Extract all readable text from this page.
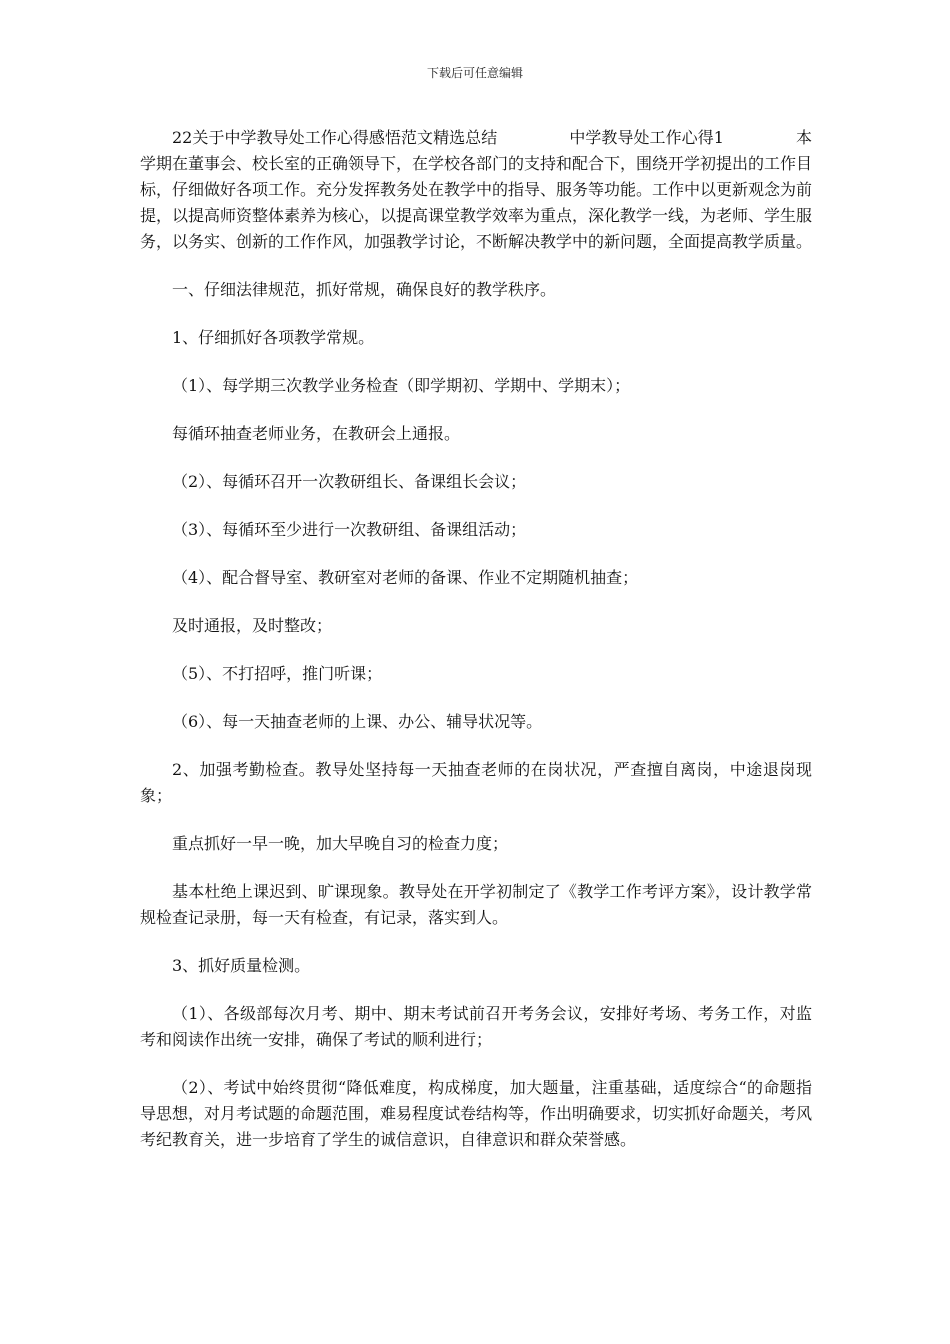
下载后可任意编辑

22关于中学教导处工作心得感悟范文精选总结	中学教导处工作心得1	本学期在董事会、校长室的正确领导下，在学校各部门的支持和配合下，围绕开学初提出的工作目标，仔细做好各项工作。充分发挥教务处在教学中的指导、服务等功能。工作中以更新观念为前提，以提高师资整体素养为核心，以提高课堂教学效率为重点，深化教学一线，为老师、学生服务，以务实、创新的工作作风，加强教学讨论，不断解决教学中的新问题，全面提高教学质量。

一、仔细法律规范，抓好常规，确保良好的教学秩序。

1、仔细抓好各项教学常规。

（1）、每学期三次教学业务检查（即学期初、学期中、学期末）；

每循环抽查老师业务，在教研会上通报。

（2）、每循环召开一次教研组长、备课组长会议；

（3）、每循环至少进行一次教研组、备课组活动；

（4）、配合督导室、教研室对老师的备课、作业不定期随机抽查；

及时通报，及时整改；

（5）、不打招呼，推门听课；

（6）、每一天抽查老师的上课、办公、辅导状况等。

2、加强考勤检查。教导处坚持每一天抽查老师的在岗状况，严查擅自离岗，中途退岗现象；

重点抓好一早一晚，加大早晚自习的检查力度；

基本杜绝上课迟到、旷课现象。教导处在开学初制定了《教学工作考评方案》，设计教学常规检查记录册，每一天有检查，有记录，落实到人。

3、抓好质量检测。

（1）、各级部每次月考、期中、期末考试前召开考务会议，安排好考场、考务工作，对监考和阅读作出统一安排，确保了考试的顺利进行；

（2）、考试中始终贯彻“降低难度，构成梯度，加大题量，注重基础，适度综合“的命题指导思想，对月考试题的命题范围，难易程度试卷结构等，作出明确要求，切实抓好命题关，考风考纪教育关，进一步培育了学生的诚信意识，自律意识和群众荣誉感。
